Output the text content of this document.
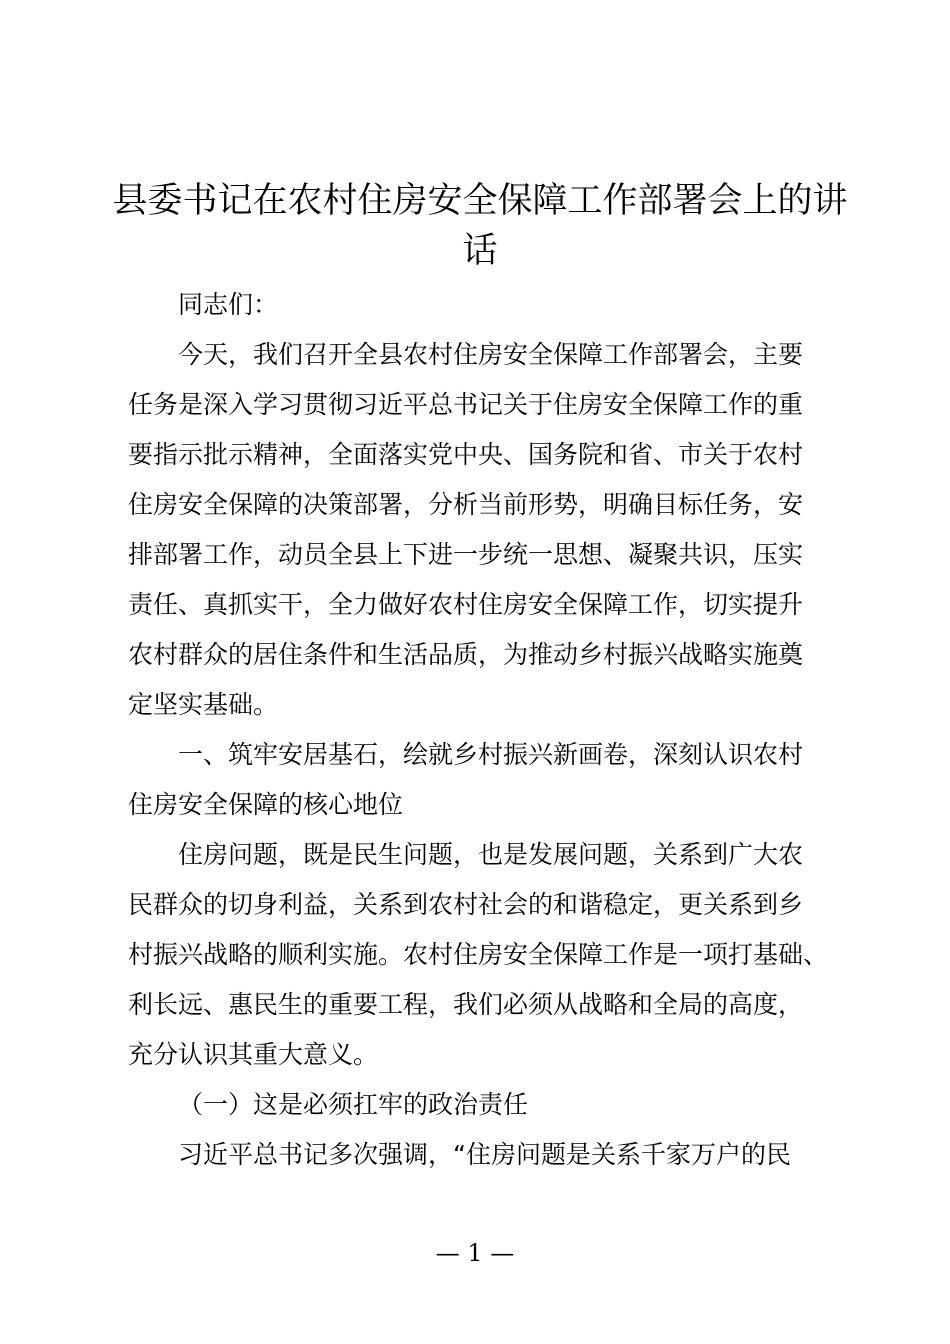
县委书记在农村住房安全保障工作部署会上的讲话

同志们：

今天，我们召开全县农村住房安全保障工作部署会，主要

任务是深入学习贯彻习近平总书记关于住房安全保障工作的重

要指示批示精神，全面落实党中央、国务院和省、市关于农村

住房安全保障的决策部署，分析当前形势，明确目标任务，安

排部署工作，动员全县上下进一步统一思想、凝聚共识，压实

责任、真抓实干，全力做好农村住房安全保障工作，切实提升

农村群众的居住条件和生活品质，为推动乡村振兴战略实施奠

定坚实基础。

一、筑牢安居基石，绘就乡村振兴新画卷，深刻认识农村

住房安全保障的核心地位

住房问题，既是民生问题，也是发展问题，关系到广大农

民群众的切身利益，关系到农村社会的和谐稳定，更关系到乡

村振兴战略的顺利实施。农村住房安全保障工作是一项打基础、

利长远、惠民生的重要工程，我们必须从战略和全局的高度，

充分认识其重大意义。

（一）这是必须扛牢的政治责任

习近平总书记多次强调，“住房问题是关系千家万户的民

— 1 —
